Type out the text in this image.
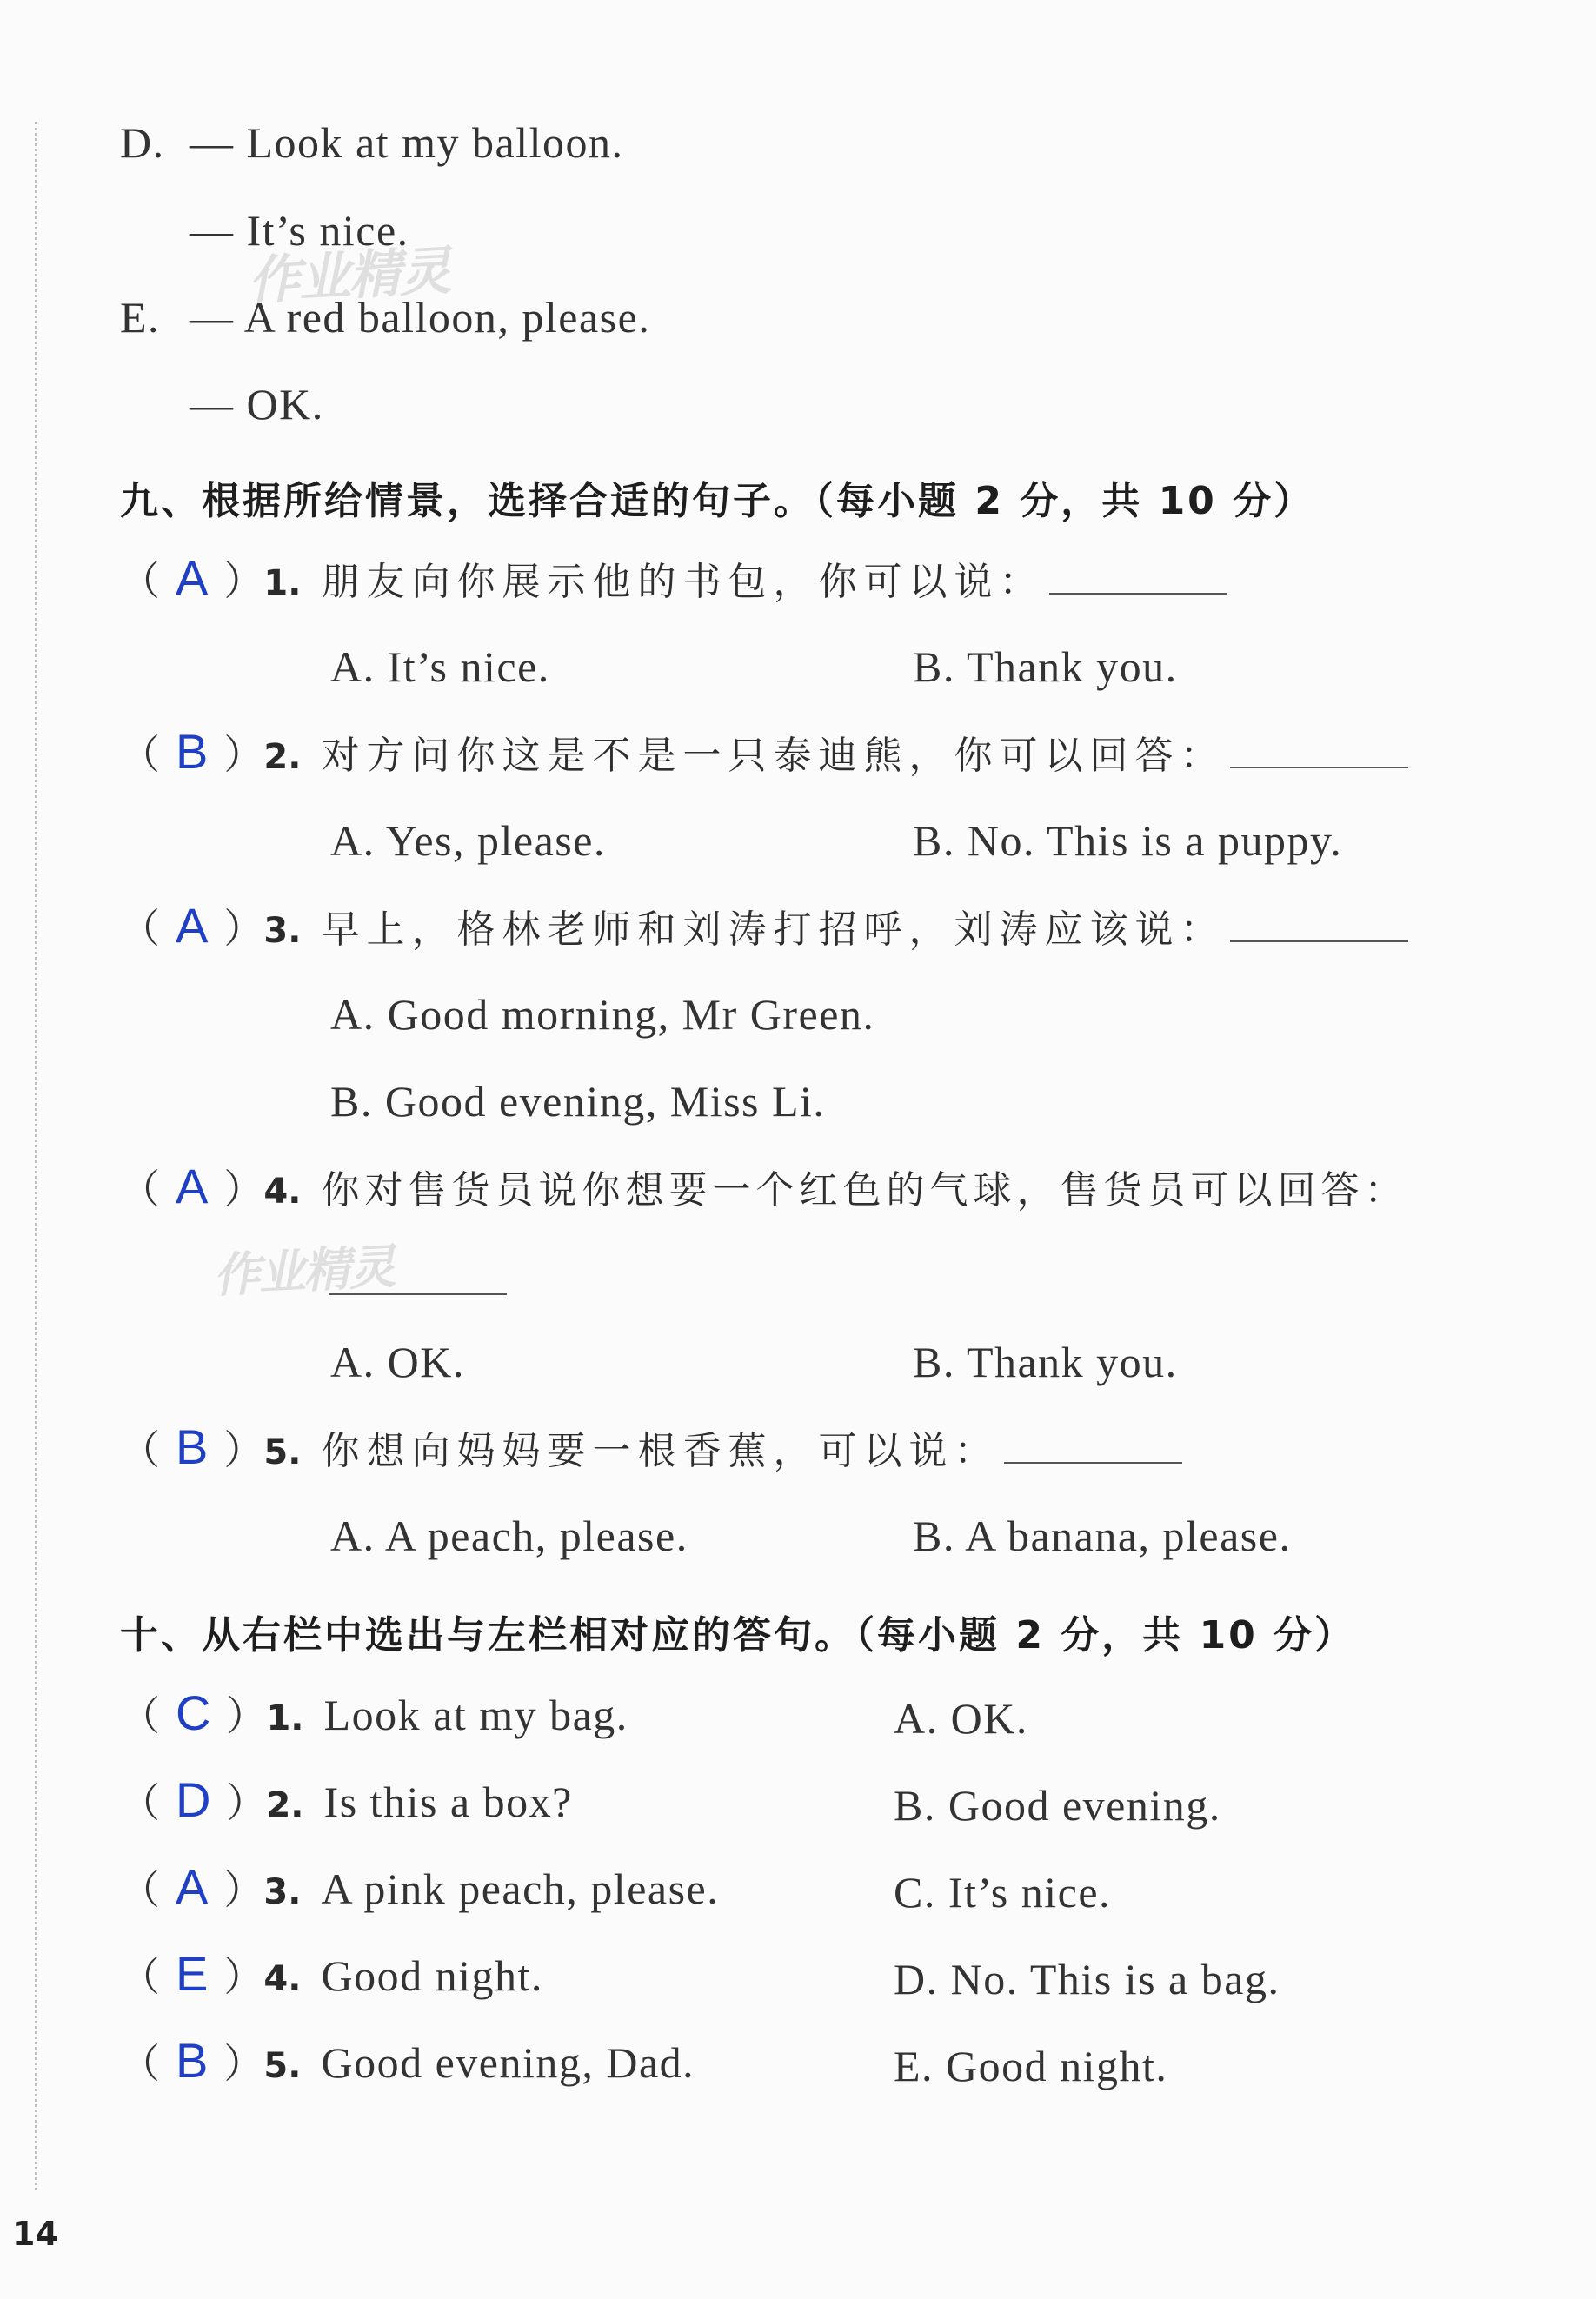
D. — Look at my balloon.
— It’s nice.
E. — A red balloon, please.
— OK.
作业精灵
九、根据所给情景，选择合适的句子。（每小题 2 分，共 10 分）
（ A ）1. 朋友向你展示他的书包，你可以说：
A. It’s nice.	B. Thank you.
（ B ）2. 对方问你这是不是一只泰迪熊，你可以回答：
A. Yes, please.	B. No. This is a puppy.
（ A ）3. 早上，格林老师和刘涛打招呼，刘涛应该说：
A. Good morning, Mr Green.
B. Good evening, Miss Li.
（ A ）4. 你对售货员说你想要一个红色的气球，售货员可以回答：
作业精灵
A. OK.	B. Thank you.
（ B ）5. 你想向妈妈要一根香蕉，可以说：
A. A peach, please.	B. A banana, please.
十、从右栏中选出与左栏相对应的答句。（每小题 2 分，共 10 分）
（ C ）1. Look at my bag.	A. OK.
（ D ）2. Is this a box?	B. Good evening.
（ A ）3. A pink peach, please.	C. It’s nice.
（ E ）4. Good night.	D. No. This is a bag.
（ B ）5. Good evening, Dad.	E. Good night.
14
